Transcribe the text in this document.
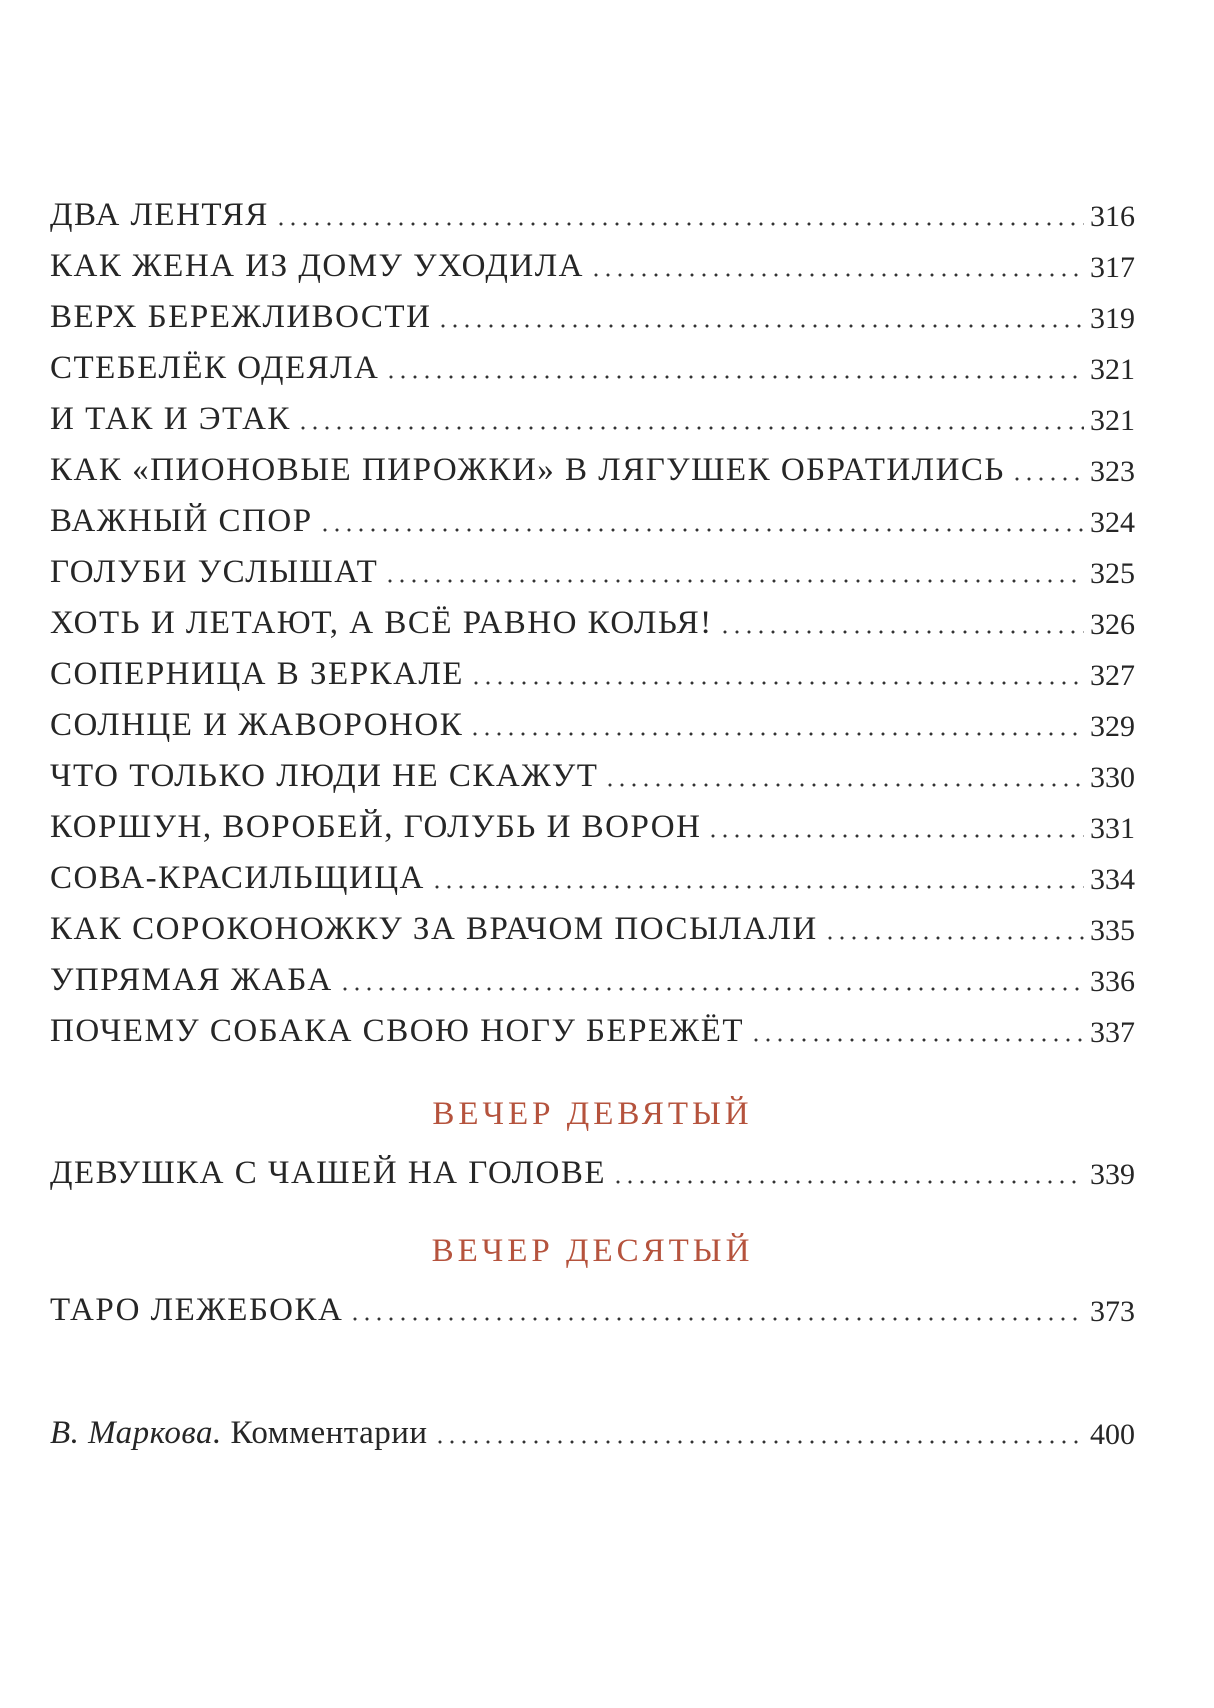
ДВА ЛЕНТЯЯ	316
КАК ЖЕНА ИЗ ДОМУ УХОДИЛА	317
ВЕРХ БЕРЕЖЛИВОСТИ	319
СТЕБЕЛЁК ОДЕЯЛА	321
И ТАК И ЭТАК	321
КАК «ПИОНОВЫЕ ПИРОЖКИ» В ЛЯГУШЕК ОБРАТИЛИСЬ	323
ВАЖНЫЙ СПОР	324
ГОЛУБИ УСЛЫШАТ	325
ХОТЬ И ЛЕТАЮТ, А ВСЁ РАВНО КОЛЬЯ!	326
СОПЕРНИЦА В ЗЕРКАЛЕ	327
СОЛНЦЕ И ЖАВОРОНОК	329
ЧТО ТОЛЬКО ЛЮДИ НЕ СКАЖУТ	330
КОРШУН, ВОРОБЕЙ, ГОЛУБЬ И ВОРОН	331
СОВА-КРАСИЛЬЩИЦА	334
КАК СОРОКОНОЖКУ ЗА ВРАЧОМ ПОСЫЛАЛИ	335
УПРЯМАЯ ЖАБА	336
ПОЧЕМУ СОБАКА СВОЮ НОГУ БЕРЕЖЁТ	337
ВЕЧЕР ДЕВЯТЫЙ
ДЕВУШКА С ЧАШЕЙ НА ГОЛОВЕ	339
ВЕЧЕР ДЕСЯТЫЙ
ТАРО ЛЕЖЕБОКА	373
В. Маркова. Комментарии	400
